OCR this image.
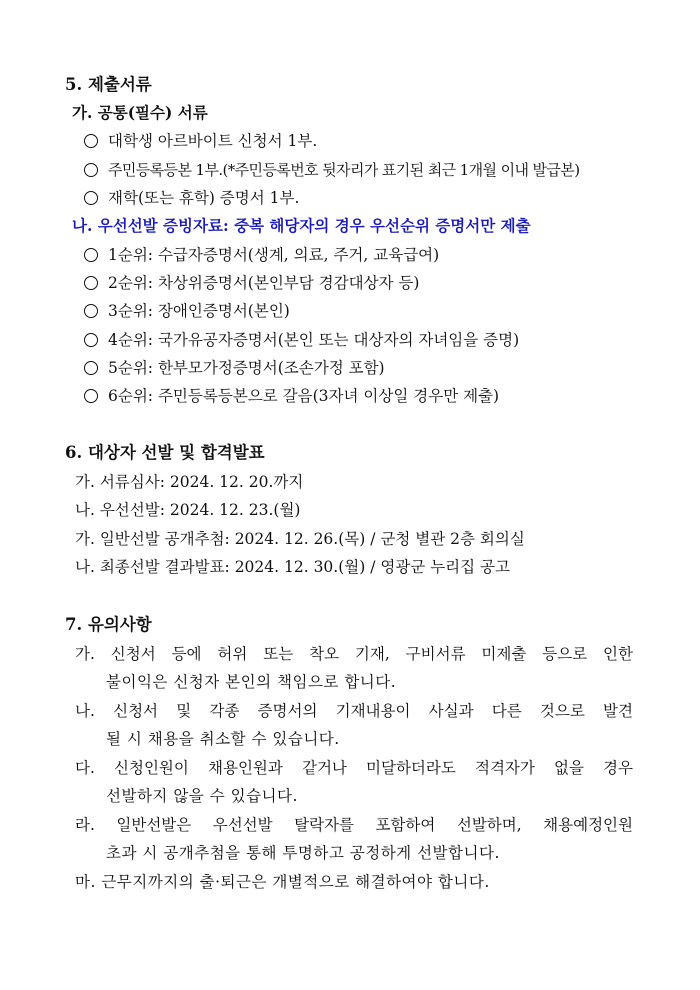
5. 제출서류
가. 공통(필수) 서류
대학생 아르바이트 신청서 1부.
주민등록등본 1부.(*주민등록번호 뒷자리가 표기된 최근 1개월 이내 발급본)
재학(또는 휴학) 증명서 1부.
나. 우선선발 증빙자료: 중복 해당자의 경우 우선순위 증명서만 제출
1순위: 수급자증명서(생계, 의료, 주거, 교육급여)
2순위: 차상위증명서(본인부담 경감대상자 등)
3순위: 장애인증명서(본인)
4순위: 국가유공자증명서(본인 또는 대상자의 자녀임을 증명)
5순위: 한부모가정증명서(조손가정 포함)
6순위: 주민등록등본으로 갈음(3자녀 이상일 경우만 제출)
6. 대상자 선발 및 합격발표
가. 서류심사: 2024. 12. 20.까지
나. 우선선발: 2024. 12. 23.(월)
가. 일반선발 공개추첨: 2024. 12. 26.(목) / 군청 별관 2층 회의실
나. 최종선발 결과발표: 2024. 12. 30.(월) / 영광군 누리집 공고
7. 유의사항
가. 신청서 등에 허위 또는 착오 기재, 구비서류 미제출 등으로 인한
불이익은 신청자 본인의 책임으로 합니다.
나. 신청서 및 각종 증명서의 기재내용이 사실과 다른 것으로 발견
될 시 채용을 취소할 수 있습니다.
다. 신청인원이 채용인원과 같거나 미달하더라도 적격자가 없을 경우
선발하지 않을 수 있습니다.
라. 일반선발은 우선선발 탈락자를 포함하여 선발하며, 채용예정인원
초과 시 공개추첨을 통해 투명하고 공정하게 선발합니다.
마. 근무지까지의 출·퇴근은 개별적으로 해결하여야 합니다.
